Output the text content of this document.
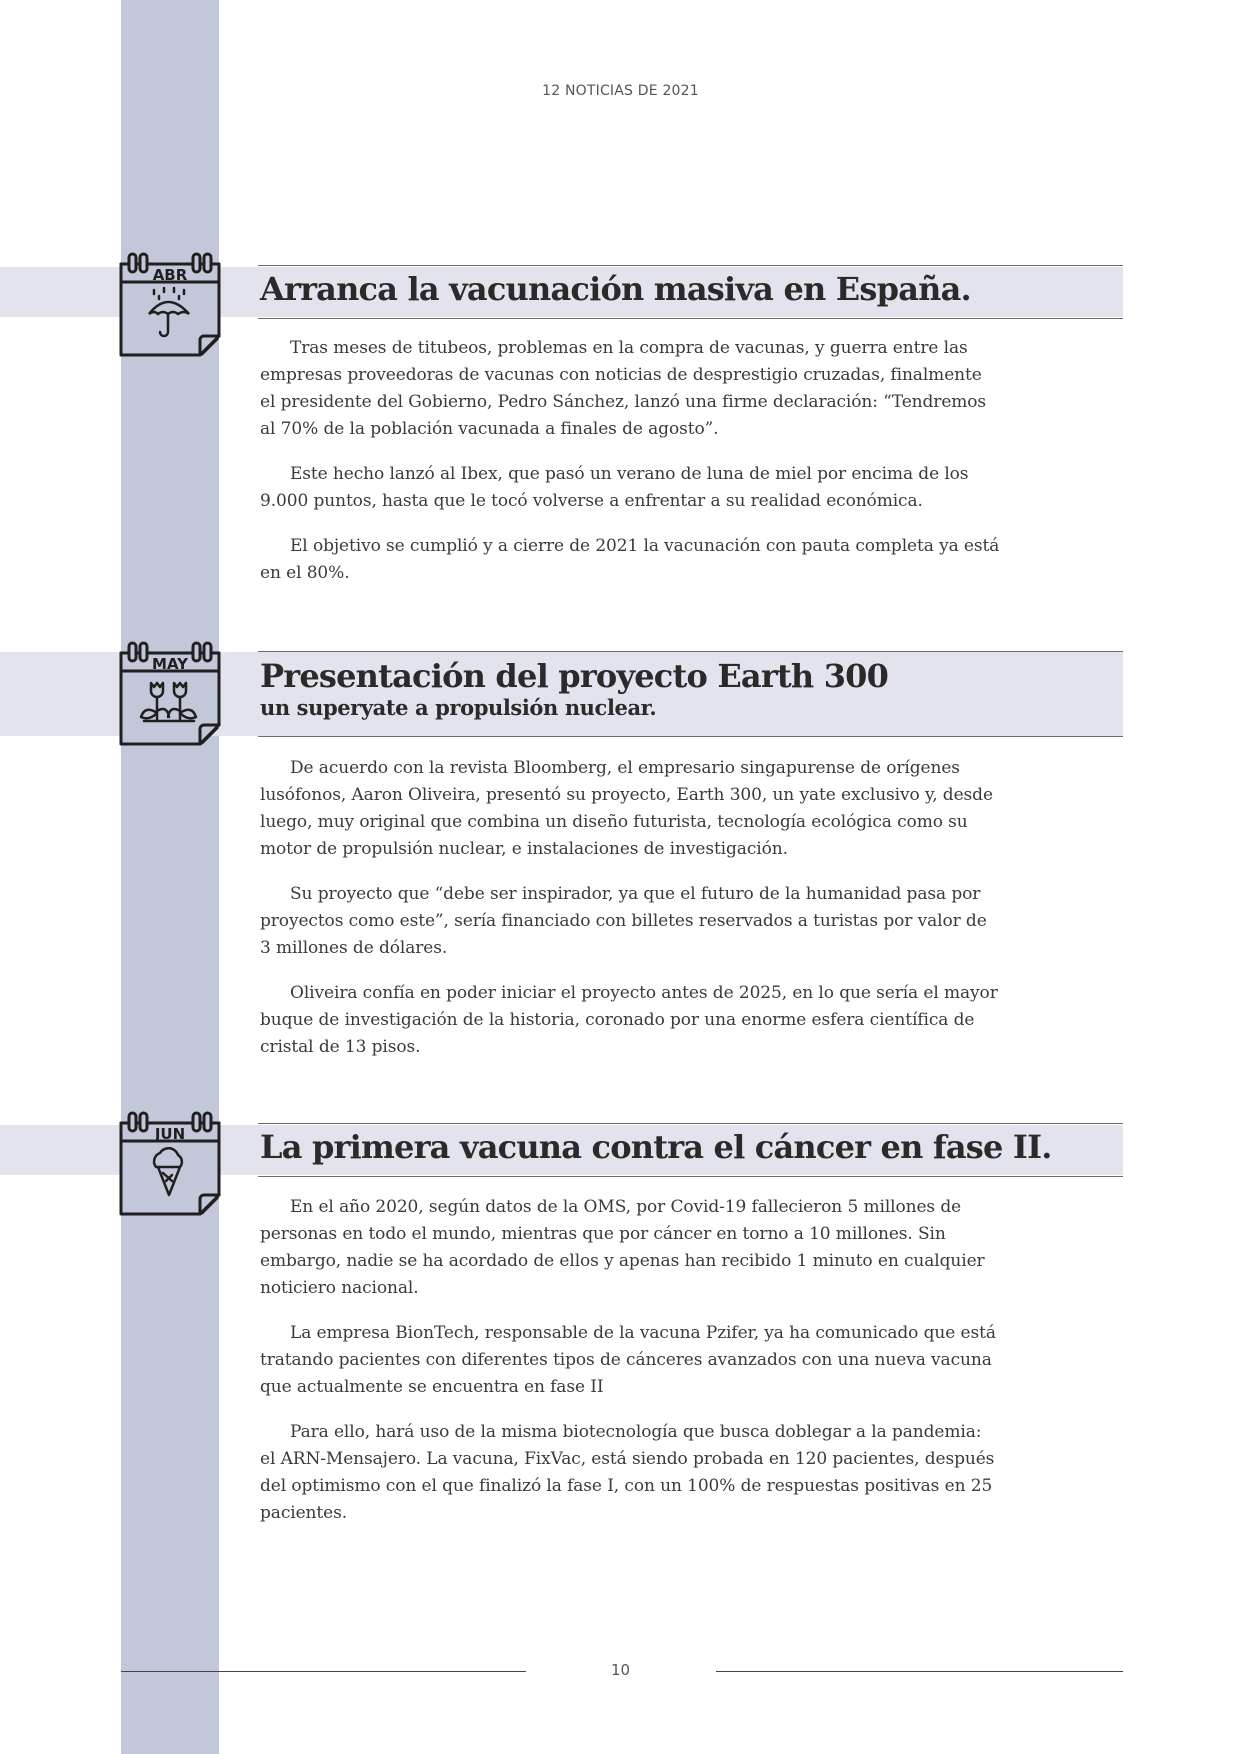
12 NOTICIAS DE 2021
ABR Arranca la vacunación masiva en España.

Tras meses de titubeos, problemas en la compra de vacunas, y guerra entre las empresas proveedoras de vacunas con noticias de desprestigio cruzadas, finalmente el presidente del Gobierno, Pedro Sánchez, lanzó una firme declaración: “Tendremos al 70% de la población vacunada a finales de agosto”.

Este hecho lanzó al Ibex, que pasó un verano de luna de miel por encima de los 9.000 puntos, hasta que le tocó volverse a enfrentar a su realidad económica.

El objetivo se cumplió y a cierre de 2021 la vacunación con pauta completa ya está en el 80%.

MAY Presentación del proyecto Earth 300
un superyate a propulsión nuclear.

De acuerdo con la revista Bloomberg, el empresario singapurense de orígenes lusófonos, Aaron Oliveira, presentó su proyecto, Earth 300, un yate exclusivo y, desde luego, muy original que combina un diseño futurista, tecnología ecológica como su motor de propulsión nuclear, e instalaciones de investigación.

Su proyecto que “debe ser inspirador, ya que el futuro de la humanidad pasa por proyectos como este”, sería financiado con billetes reservados a turistas por valor de 3 millones de dólares.

Oliveira confía en poder iniciar el proyecto antes de 2025, en lo que sería el mayor buque de investigación de la historia, coronado por una enorme esfera científica de cristal de 13 pisos.

JUN La primera vacuna contra el cáncer en fase II.

En el año 2020, según datos de la OMS, por Covid-19 fallecieron 5 millones de personas en todo el mundo, mientras que por cáncer en torno a 10 millones. Sin embargo, nadie se ha acordado de ellos y apenas han recibido 1 minuto en cualquier noticiero nacional.

La empresa BionTech, responsable de la vacuna Pzifer, ya ha comunicado que está tratando pacientes con diferentes tipos de cánceres avanzados con una nueva vacuna que actualmente se encuentra en fase II

Para ello, hará uso de la misma biotecnología que busca doblegar a la pandemia: el ARN-Mensajero. La vacuna, FixVac, está siendo probada en 120 pacientes, después del optimismo con el que finalizó la fase I, con un 100% de respuestas positivas en 25 pacientes.

10
